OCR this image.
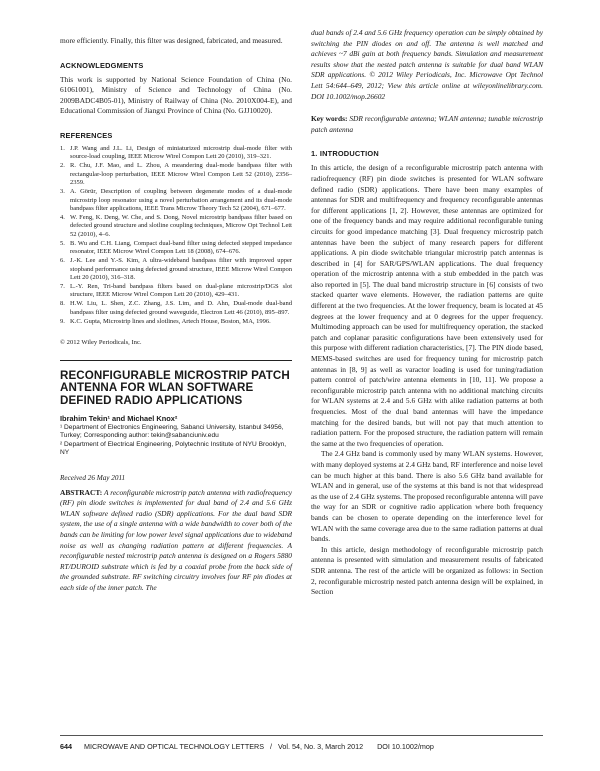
more efficiently. Finally, this filter was designed, fabricated, and measured.

ACKNOWLEDGMENTS

This work is supported by National Science Foundation of China (No. 61061001), Ministry of Science and Technology of China (No. 2009BADC4B05-01), Ministry of Railway of China (No. 2010X004-E), and Educational Commission of Jiangxi Province of China (No. GJJ10020).

REFERENCES
1. J.P. Wang and J.L. Li, Design of miniaturized microstrip dual-mode filter with source-load coupling, IEEE Microw Wirel Compon Lett 20 (2010), 319–321.
2. R. Chu, J.F. Mao, and L. Zhou, A meandering dual-mode bandpass filter with rectangular-loop perturbation, IEEE Microw Wirel Compon Lett 52 (2010), 2356–2359.
3. A. Görür, Description of coupling between degenerate modes of a dual-mode microstrip loop resonator using a novel perturbation arrangement and its dual-mode bandpass filter applications, IEEE Trans Microw Theory Tech 52 (2004), 671–677.
4. W. Feng, K. Deng, W. Che, and S. Dong, Novel microstrip bandpass filter based on defected ground structure and slotline coupling techniques, Microw Opt Technol Lett 52 (2010), 4–6.
5. B. Wu and C.H. Liang, Compact dual-band filter using defected stepped impedance resonator, IEEE Microw Wirel Compon Lett 18 (2008), 674–676.
6. J.-K. Lee and Y.-S. Kim, A ultra-wideband bandpass filter with improved upper stopband performance using defected ground structure, IEEE Microw Wirel Compon Lett 20 (2010), 316–318.
7. L.-Y. Ren, Tri-band bandpass filters based on dual-plane microstrip/DGS slot structure, IEEE Microw Wirel Compon Lett 20 (2010), 429–431.
8. H.W. Liu, L. Shen, Z.C. Zhang, J.S. Lim, and D. Ahn, Dual-mode dual-band bandpass filter using defected ground waveguide, Electron Lett 46 (2010), 895–897.
9. K.C. Gupta, Microstrip lines and slotlines, Artech House, Boston, MA, 1996.

© 2012 Wiley Periodicals, Inc.

RECONFIGURABLE MICROSTRIP PATCH ANTENNA FOR WLAN SOFTWARE DEFINED RADIO APPLICATIONS

Ibrahim Tekin¹ and Michael Knox²

¹ Department of Electronics Engineering, Sabanci University, Istanbul 34956, Turkey; Corresponding author: tekin@sabanciuniv.edu

² Department of Electrical Engineering, Polytechnic Institute of NYU Brooklyn, NY

Received 26 May 2011

ABSTRACT: A reconfigurable microstrip patch antenna with radiofrequency (RF) pin diode switches is implemented for dual band of 2.4 and 5.6 GHz WLAN software defined radio (SDR) applications. For the dual band SDR system, the use of a single antenna with a wide bandwidth to cover both of the bands can be limiting for low power level signal applications due to wideband noise as well as changing radiation pattern at different frequencies. A reconfigurable nested microstrip patch antenna is designed on a Rogers 5880 RT/DUROID substrate which is fed by a coaxial probe from the back side of the grounded substrate. RF switching circuitry involves four RF pin diodes at each side of the inner patch. The

dual bands of 2.4 and 5.6 GHz frequency operation can be simply obtained by switching the PIN diodes on and off. The antenna is well matched and achieves ~7 dBi gain at both frequency bands. Simulation and measurement results show that the nested patch antenna is suitable for dual band WLAN SDR applications. © 2012 Wiley Periodicals, Inc. Microwave Opt Technol Lett 54:644–649, 2012; View this article online at wileyonlinelibrary.com. DOI 10.1002/mop.26602

Key words: SDR reconfigurable antenna; WLAN antenna; tunable microstrip patch antenna

1. INTRODUCTION

In this article, the design of a reconfigurable microstrip patch antenna with radiofrequency (RF) pin diode switches is presented for WLAN software defined radio (SDR) applications. There have been many examples of antennas for SDR and multifrequency and frequency reconfigurable antennas for different applications [1, 2]. However, these antennas are optimized for one of the frequency bands and may require additional reconfigurable tuning circuits for good impedance matching [3]. Dual frequency microstrip patch antennas have been the subject of many research papers for different applications. A pin diode switchable triangular microstrip patch antennas is described in [4] for SAR/GPS/WLAN applications. The dual frequency operation of the microstrip antenna with a stub embedded in the patch was also reported in [5]. The dual band microstrip structure in [6] consists of two stacked quarter wave elements. However, the radiation patterns are quite different at the two frequencies. At the lower frequency, beam is located at 45 degrees at the lower frequency and at 0 degrees for the upper frequency. Multimoding approach can be used for multifrequency operation, the stacked patch and coplanar parasitic configurations have been extensively used for this purpose with different radiation characteristics, [7]. The PIN diode based, MEMS-based switches are used for frequency tuning for microstrip patch antennas in [8, 9] as well as varactor loading is used for tuning/radiation pattern control of patch/wire antenna elements in [10, 11]. We propose a reconfigurable microstrip patch antenna with no additional matching circuits for WLAN systems at 2.4 and 5.6 GHz with alike radiation patterns at both frequencies. Most of the dual band antennas will have the impedance matching for the desired bands, but will not pay that much attention to radiation pattern. For the proposed structure, the radiation pattern will remain the same at the two frequencies of operation.

The 2.4 GHz band is commonly used by many WLAN systems. However, with many deployed systems at 2.4 GHz band, RF interference and noise level can be much higher at this band. There is also 5.6 GHz band available for WLAN and in general, use of the systems at this band is not that widespread as the use of 2.4 GHz systems. The proposed reconfigurable antenna will pave the way for an SDR or cognitive radio application where both frequency bands can be chosen to operate depending on the interference level for WLAN with the same coverage area due to the same radiation patterns at dual bands.

In this article, design methodology of reconfigurable microstrip patch antenna is presented with simulation and measurement results of fabricated SDR antenna. The rest of the article will be organized as follows: in Section 2, reconfigurable microstrip nested patch antenna design will be explained, in Section

644 MICROWAVE AND OPTICAL TECHNOLOGY LETTERS / Vol. 54, No. 3, March 2012 DOI 10.1002/mop
